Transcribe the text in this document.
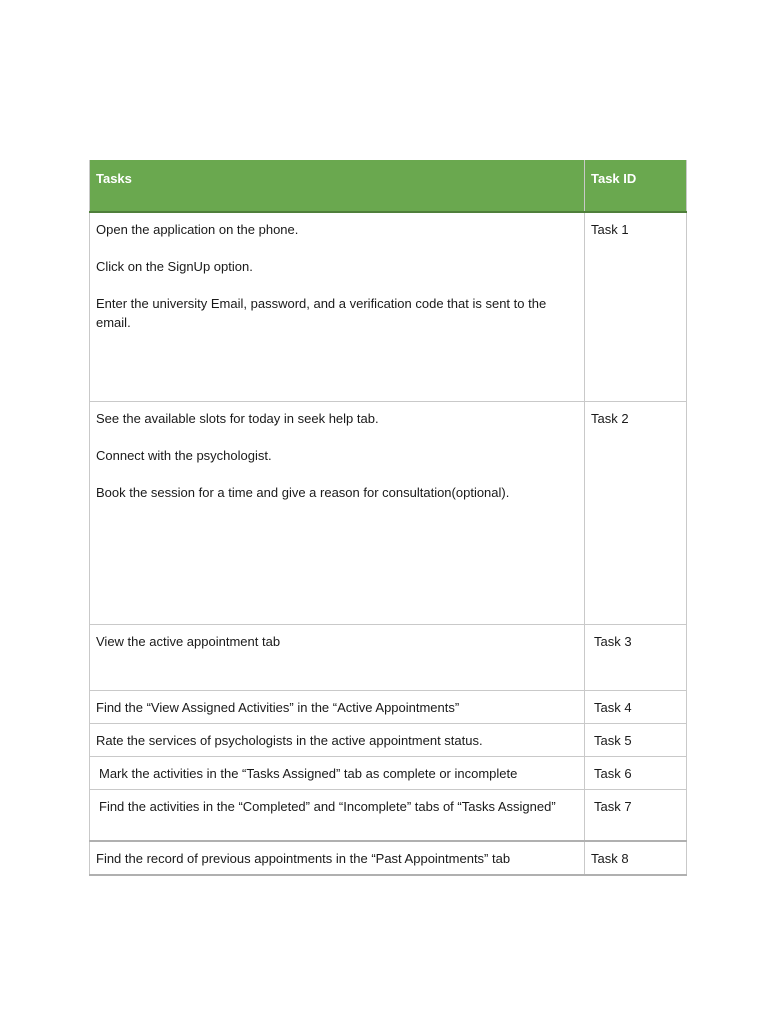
Tasks	Task ID

Open the application on the phone.
Click on the SignUp option.
Enter the university Email, password, and a verification code that is sent to the email.	Task 1

See the available slots for today in seek help tab.
Connect with the psychologist.
Book the session for a time and give a reason for consultation(optional).	Task 2

View the active appointment tab	Task 3

Find the “View Assigned Activities” in the “Active Appointments”	Task 4

Rate the services of psychologists in the active appointment status.	Task 5

Mark the activities in the “Tasks Assigned” tab as complete or incomplete	Task 6

Find the activities in the “Completed” and “Incomplete” tabs of “Tasks Assigned”	Task 7

Find the record of previous appointments in the “Past Appointments” tab	Task 8
